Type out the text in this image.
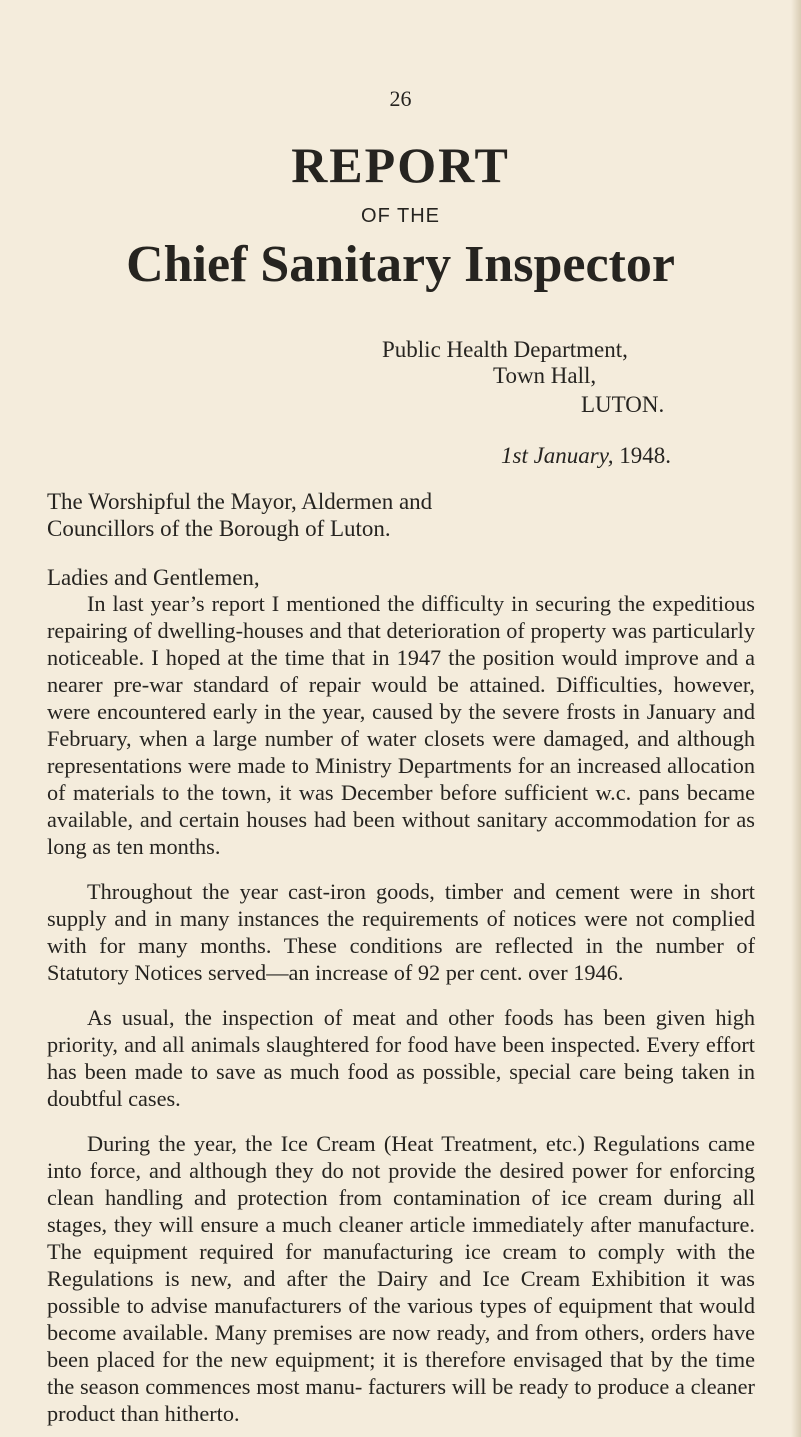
26
REPORT
OF THE
Chief Sanitary Inspector
Public Health Department,
Town Hall,
LUTON.
1st January, 1948.
The Worshipful the Mayor, Aldermen and
Councillors of the Borough of Luton.
Ladies and Gentlemen,

In last year’s report I mentioned the difficulty in securing the expeditious repairing of dwelling-houses and that deterioration of property was particularly noticeable. I hoped at the time that in 1947 the position would improve and a nearer pre-war standard of repair would be attained. Difficulties, however, were encountered early in the year, caused by the severe frosts in January and February, when a large number of water closets were damaged, and although representations were made to Ministry Departments for an increased allocation of materials to the town, it was December before sufficient w.c. pans became available, and certain houses had been without sanitary accommodation for as long as ten months.

Throughout the year cast-iron goods, timber and cement were in short supply and in many instances the requirements of notices were not complied with for many months. These conditions are reflected in the number of Statutory Notices served—an increase of 92 per cent. over 1946.

As usual, the inspection of meat and other foods has been given high priority, and all animals slaughtered for food have been inspected. Every effort has been made to save as much food as possible, special care being taken in doubtful cases.

During the year, the Ice Cream (Heat Treatment, etc.) Regulations came into force, and although they do not provide the desired power for enforcing clean handling and protection from contamination of ice cream during all stages, they will ensure a much cleaner article immediately after manufacture. The equipment required for manufacturing ice cream to comply with the Regulations is new, and after the Dairy and Ice Cream Exhibition it was possible to advise manufacturers of the various types of equipment that would become available. Many premises are now ready, and from others, orders have been placed for the new equipment; it is therefore envisaged that by the time the season commences most manu- facturers will be ready to produce a cleaner product than hitherto.
